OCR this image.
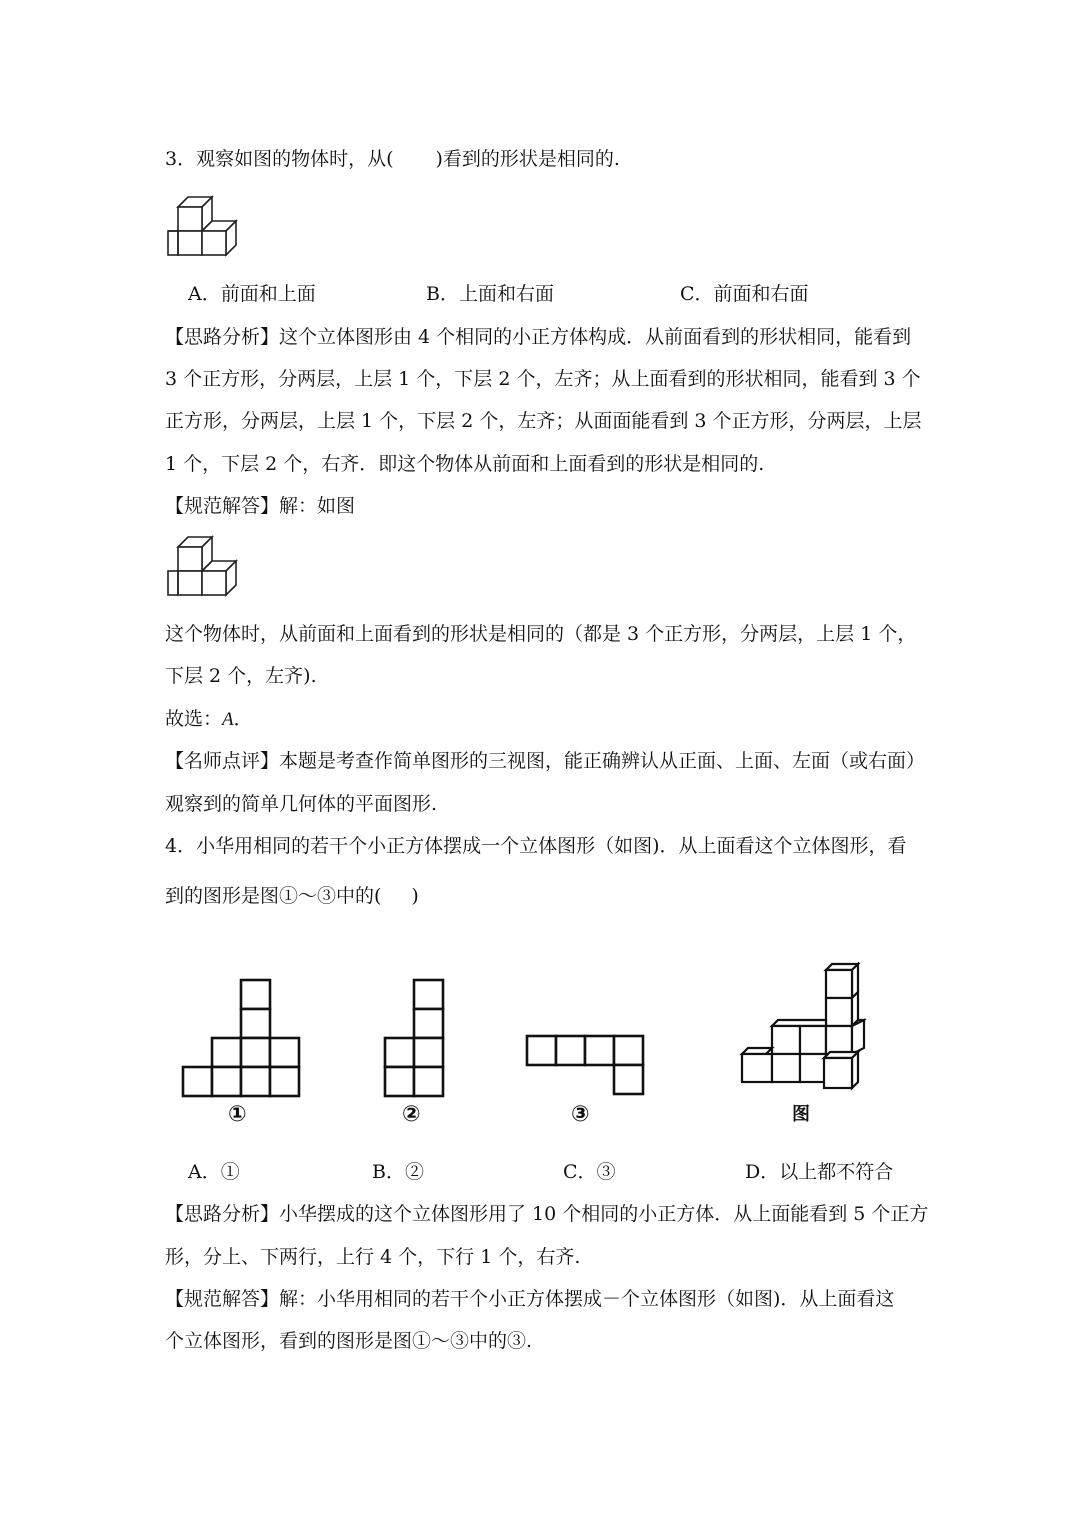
3．观察如图的物体时，从( )看到的形状是相同的.
A．前面和上面	B．上面和右面	C．前面和右面
【思路分析】这个立体图形由 4 个相同的小正方体构成．从前面看到的形状相同，能看到
3 个正方形，分两层，上层 1 个，下层 2 个，左齐；从上面看到的形状相同，能看到 3 个
正方形，分两层，上层 1 个，下层 2 个，左齐；从面面能看到 3 个正方形，分两层，上层
1 个，下层 2 个，右齐．即这个物体从前面和上面看到的形状是相同的.
【规范解答】解：如图
这个物体时，从前面和上面看到的形状是相同的（都是 3 个正方形，分两层，上层 1 个，
下层 2 个，左齐).
故选：A．
【名师点评】本题是考查作简单图形的三视图，能正确辨认从正面、上面、左面（或右面）
观察到的简单几何体的平面图形.
4．小华用相同的若干个小正方体摆成一个立体图形（如图)．从上面看这个立体图形，看
到的图形是图①～③中的( )
①	②	③	图
A．①	B．②	C．③	D．以上都不符合
【思路分析】小华摆成的这个立体图形用了 10 个相同的小正方体．从上面能看到 5 个正方
形，分上、下两行，上行 4 个，下行 1 个，右齐.
【规范解答】解：小华用相同的若干个小正方体摆成－个立体图形（如图)．从上面看这
个立体图形，看到的图形是图①～③中的③.
